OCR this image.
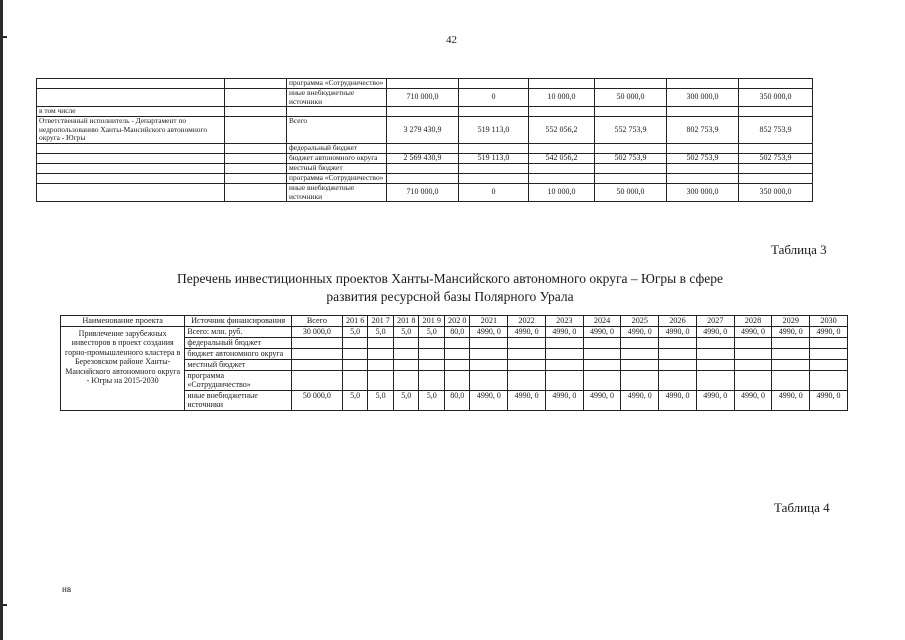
42
		программа «Сотрудничество»						
		иные внебюджетные источники	710 000,0	0	10 000,0	50 000,0	300 000,0	350 000,0
в том числе								
Ответственный исполнитель - Департамент по недропользованию Ханты-Мансийского автономного округа - Югры		Всего	3 279 430,9	519 113,0	552 056,2	552 753,9	802 753,9	852 753,9
		федеральный бюджет						
		бюджет автономного округа	2 569 430,9	519 113,0	542 056,2	502 753,9	502 753,9	502 753,9
		местный бюджет						
		программа «Сотрудничество»						
		иные внебюджетные источники	710 000,0	0	10 000,0	50 000,0	300 000,0	350 000,0
Таблица 3
Перечень инвестиционных проектов Ханты-Мансийского автономного округа – Югры в сфере
развития ресурсной базы Полярного Урала
Наименование проекта	Источник финансирования	Всего	201 6	201 7	201 8	201 9	202 0	2021	2022	2023	2024	2025	2026	2027	2028	2029	2030
Привлечение зарубежных инвесторов в проект создания горно-промышленного кластера в Березовском районе Ханты-Мансийского автономного округа - Югры на 2015-2030	Всего: млн. руб.	30 000,0	5,0	5,0	5,0	5,0	80,0	4990, 0	4990, 0	4990, 0	4990, 0	4990, 0	4990, 0	4990, 0	4990, 0	4990, 0	4990, 0
	федеральный бюджет																
	бюджет автономного округа																
	местный бюджет																
	программа «Сотрудничество»																
	иные внебюджетные источники	50 000,0	5,0	5,0	5,0	5,0	80,0	4990, 0	4990, 0	4990, 0	4990, 0	4990, 0	4990, 0	4990, 0	4990, 0	4990, 0	4990, 0
Таблица 4
нв
